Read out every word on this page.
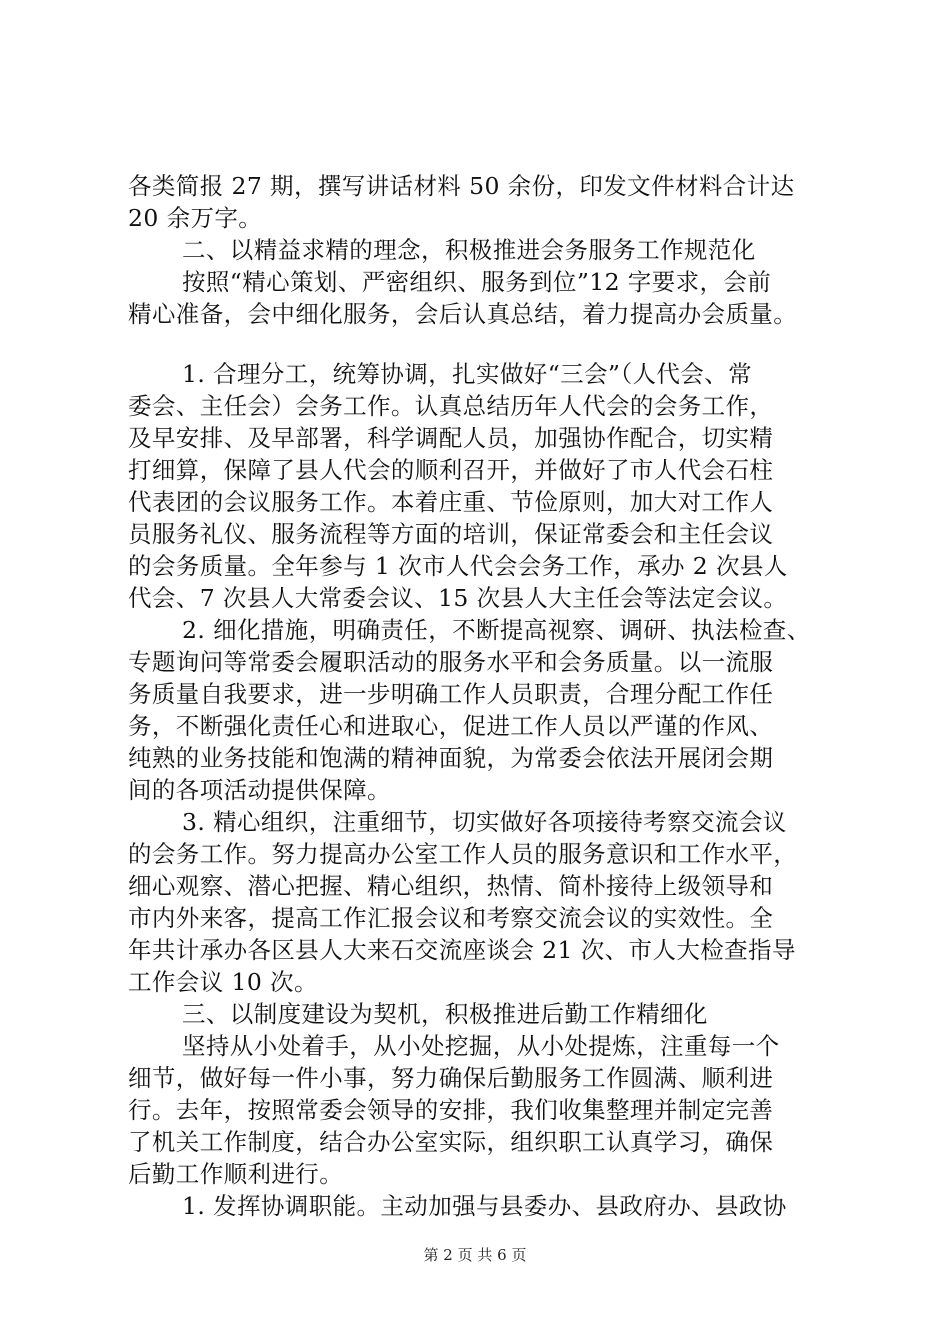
各类简报 27 期，撰写讲话材料 50 余份，印发文件材料合计达
20 余万字。
二、以精益求精的理念，积极推进会务服务工作规范化
按照“精心策划、严密组织、服务到位”12 字要求，会前
精心准备，会中细化服务，会后认真总结，着力提高办会质量。
1. 合理分工，统筹协调，扎实做好“三会”（人代会、常
委会、主任会）会务工作。认真总结历年人代会的会务工作，
及早安排、及早部署，科学调配人员，加强协作配合，切实精
打细算，保障了县人代会的顺利召开，并做好了市人代会石柱
代表团的会议服务工作。本着庄重、节俭原则，加大对工作人
员服务礼仪、服务流程等方面的培训，保证常委会和主任会议
的会务质量。全年参与 1 次市人代会会务工作，承办 2 次县人
代会、7 次县人大常委会议、15 次县人大主任会等法定会议。
2. 细化措施，明确责任，不断提高视察、调研、执法检查、
专题询问等常委会履职活动的服务水平和会务质量。以一流服
务质量自我要求，进一步明确工作人员职责，合理分配工作任
务，不断强化责任心和进取心，促进工作人员以严谨的作风、
纯熟的业务技能和饱满的精神面貌，为常委会依法开展闭会期
间的各项活动提供保障。
3. 精心组织，注重细节，切实做好各项接待考察交流会议
的会务工作。努力提高办公室工作人员的服务意识和工作水平，
细心观察、潜心把握、精心组织，热情、简朴接待上级领导和
市内外来客，提高工作汇报会议和考察交流会议的实效性。全
年共计承办各区县人大来石交流座谈会 21 次、市人大检查指导
工作会议 10 次。
三、以制度建设为契机，积极推进后勤工作精细化
坚持从小处着手，从小处挖掘，从小处提炼，注重每一个
细节，做好每一件小事，努力确保后勤服务工作圆满、顺利进
行。去年，按照常委会领导的安排，我们收集整理并制定完善
了机关工作制度，结合办公室实际，组织职工认真学习，确保
后勤工作顺利进行。
1. 发挥协调职能。主动加强与县委办、县政府办、县政协
第 2 页 共 6 页
